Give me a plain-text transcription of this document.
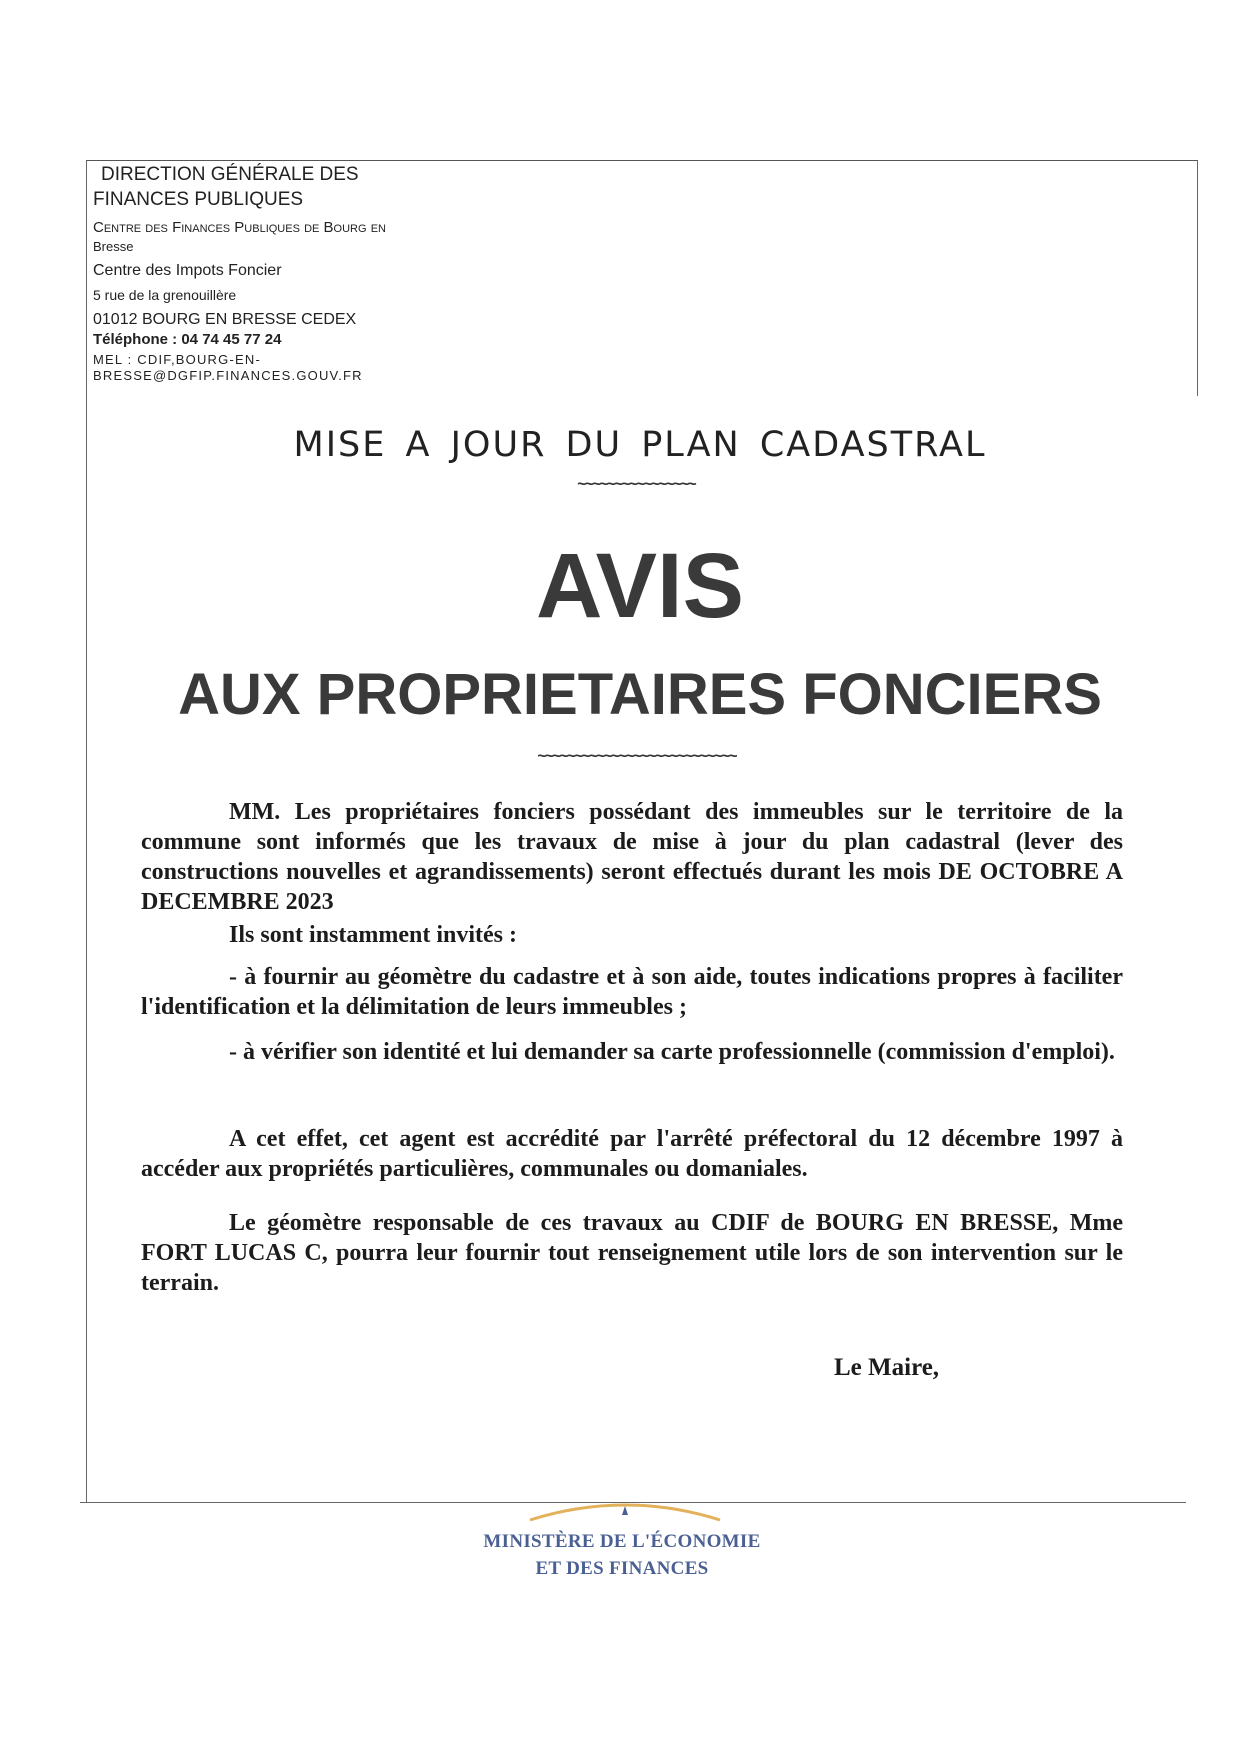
DIRECTION GÉNÉRALE DES
FINANCES PUBLIQUES
Centre des Finances Publiques de Bourg en
Bresse
Centre des Impots Foncier
5 rue de la grenouillère
01012 BOURG EN BRESSE CEDEX
Téléphone : 04 74 45 77 24
MEL : CDIF,BOURG-EN-
BRESSE@DGFIP.FINANCES.GOUV.FR
MISE A JOUR DU PLAN CADASTRAL
~~~~~~~~~~~~~~~~
AVIS
AUX PROPRIETAIRES FONCIERS
~~~~~~~~~~~~~~~~~~~~~~~~~~~
MM. Les propriétaires fonciers possédant des immeubles sur le territoire de la commune sont informés que les travaux de mise à jour du plan cadastral (lever des constructions nouvelles et agrandissements) seront effectués durant les mois DE OCTOBRE A DECEMBRE 2023
Ils sont instamment invités :
- à fournir au géomètre du cadastre et à son aide, toutes indications propres à faciliter l'identification et la délimitation de leurs immeubles ;
- à vérifier son identité et lui demander sa carte professionnelle (commission d'emploi).
A cet effet, cet agent est accrédité par l'arrêté préfectoral du 12 décembre 1997 à accéder aux propriétés particulières, communales ou domaniales.
Le géomètre responsable de ces travaux au CDIF de BOURG EN BRESSE, Mme FORT LUCAS C, pourra leur fournir tout renseignement utile lors de son intervention sur le terrain.
Le Maire,
MINISTÈRE DE L'ÉCONOMIE
ET DES FINANCES
